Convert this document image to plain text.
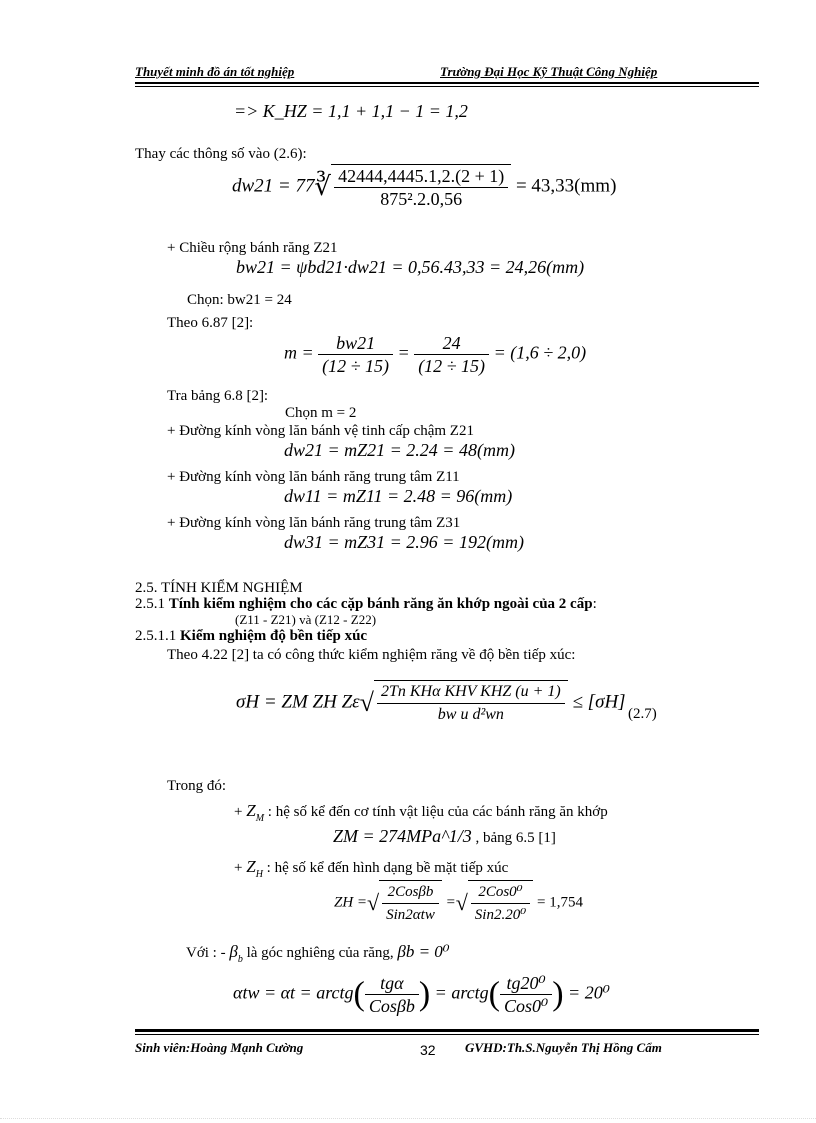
Thuyết minh đồ án tốt nghiệp	Trường Đại Học Kỹ Thuật Công Nghiệp
=> K_HZ = 1,1 + 1,1 − 1 = 1,2
Thay các thông số vào (2.6):
dw21 = 77∛ $\frac{42444,4445.1,2.(2 + 1)}{\text{875².2.0,56}} = 43,33(mm)$
+ Chiều rộng bánh răng Z21
bw21 = ψbd21·dw21 = 0,56.43,33 = 24,26(mm)
Chọn: bw21 = 24
Theo 6.87 [2]:
$m = \frac{bw21}{(12 \div 15)} = \frac{24}{(12 \div 15)} = (1,6 \div 2,0)$
Tra bảng 6.8 [2]:
Chọn m = 2
+ Đường kính vòng lăn bánh vệ tinh cấp chậm Z21
dw21 = mZ21 = 2.24 = 48(mm)
+ Đường kính vòng lăn bánh răng trung tâm Z11
dw11 = mZ11 = 2.48 = 96(mm)
+ Đường kính vòng lăn bánh răng trung tâm Z31
dw31 = mZ31 = 2.96 = 192(mm)
2.5. TÍNH KIỂM NGHIỆM
2.5.1 Tính kiểm nghiệm cho các cặp bánh răng ăn khớp ngoài của 2 cấp:
(Z11 - Z21) và (Z12 - Z22)
2.5.1.1 Kiểm nghiệm độ bền tiếp xúc
Theo 4.22 [2] ta có công thức kiểm nghiệm răng về độ bền tiếp xúc:
σH = ZM ZH $Z\varepsilon√ \frac{\text{2Tn KHα KHV KHZ (u + 1)}}{\text{bw u d²wn}} \le [\sigma H]$
(2.7)
Trong đó:
+ $Z_M$ : hệ số kể đến cơ tính vật liệu của các bánh răng ăn khớp
ZM = 274MPa^1/3 , bảng 6.5 [1]
+ $Z_H$ : hệ số kể đến hình dạng bề mặt tiếp xúc
ZH =√ $\frac{\text{2Cosβb}}{\text{Sin2αtw}}$ =√ $\frac{\text{2Cos0⁰}}{\text{Sin2.20⁰}} = 1,754$
Với : - $\beta_b$ là góc nghiêng của răng, βb = 0⁰
αtw = αt = arctg( $\frac{\text{tgα}}{\text{Cosβb}}$ ) = arctg( $\frac{\text{tg20⁰}}{\text{Cos0⁰}}$ ) = 20⁰
Sinh viên:Hoàng Mạnh Cường	32 GVHD:Th.S.Nguyễn Thị Hồng Cẩm
